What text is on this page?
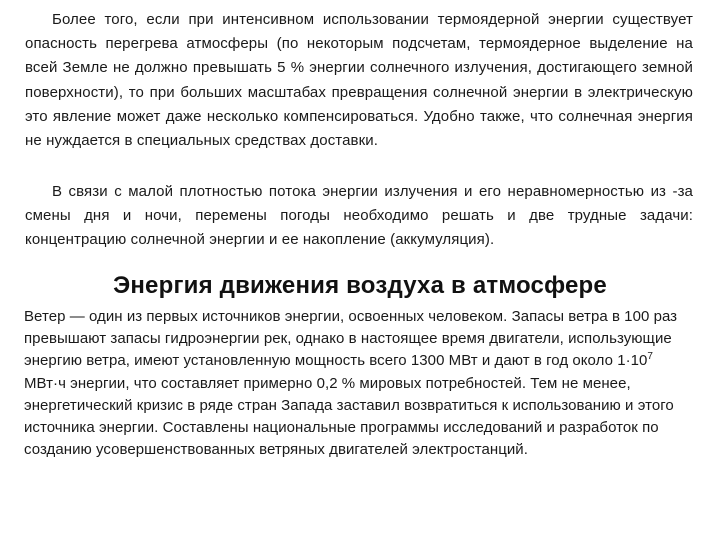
Более того, если при интенсивном использовании термоядерной энергии существует опасность перегрева атмосферы (по некоторым подсчетам, термоядерное выделение на всей Земле не должно превышать 5 % энергии солнечного излучения, достигающего земной поверхности), то при больших масштабах превращения солнечной энергии в электрическую это явление может даже несколько компенсироваться. Удобно также, что солнечная энергия не нуждается в специальных средствах доставки.

В связи с малой плотностью потока энергии излучения и его неравномерностью из -за смены дня и ночи, перемены погоды необходимо решать и две трудные задачи: концентрацию солнечной энергии и ее накопление (аккумуляция).

Энергия движения воздуха в атмосфере

Ветер — один из первых источников энергии, освоенных человеком. Запасы ветра в 100 раз превышают запасы гидроэнергии рек, однако в настоящее время двигатели, использующие энергию ветра, имеют установленную мощность всего 1300 МВт и дают в год около $1\cdot 10^7$ МВт·ч энергии, что составляет примерно 0,2 % мировых потребностей. Тем не менее, энергетический кризис в ряде стран Запада заставил возвратиться к использованию и этого источника энергии. Составлены национальные программы исследований и разработок по созданию усовершенствованных ветряных двигателей электростанций.
